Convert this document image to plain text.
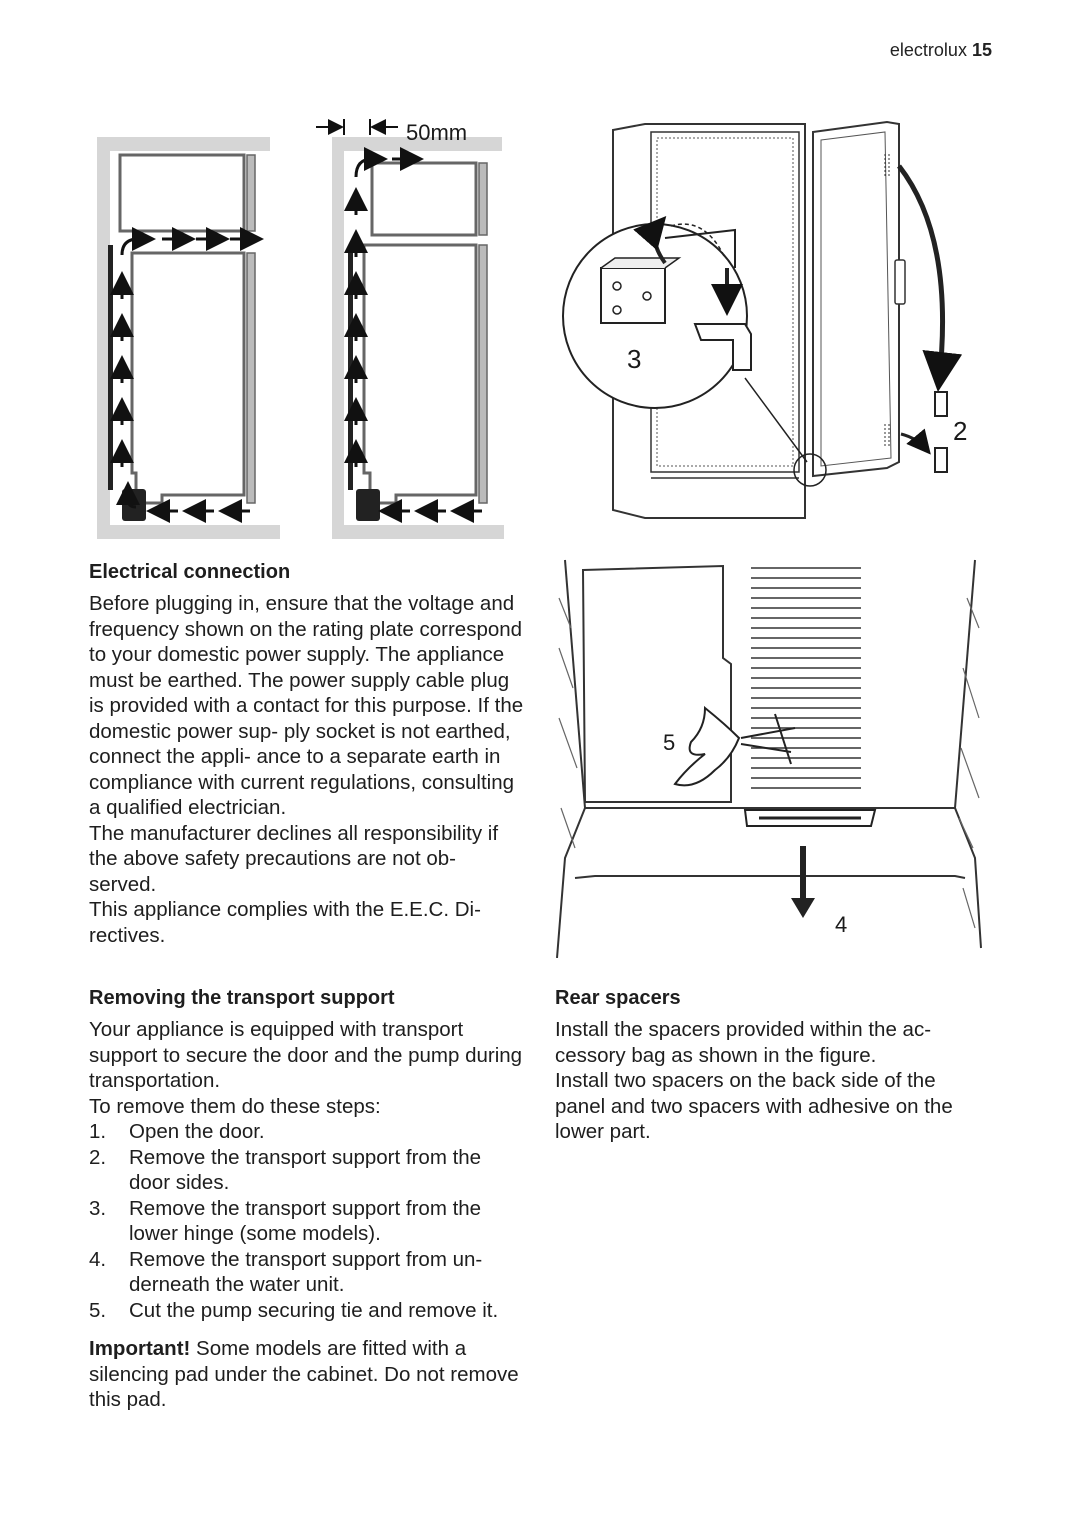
electrolux 15
50mm
2
3
5
4
Electrical connection

Before plugging in, ensure that the voltage and frequency shown on the rating plate correspond to your domestic power supply. The appliance must be earthed. The power supply cable plug is provided with a contact for this purpose. If the domestic power sup- ply socket is not earthed, connect the appli- ance to a separate earth in compliance with current regulations, consulting a qualified electrician.

The manufacturer declines all responsibility if the above safety precautions are not ob- served.

This appliance complies with the E.E.C. Di- rectives.

Removing the transport support

Your appliance is equipped with transport support to secure the door and the pump during transportation.

To remove them do these steps:

1. Open the door.
2. Remove the transport support from the door sides.
3. Remove the transport support from the lower hinge (some models).
4. Remove the transport support from un- derneath the water unit.
5. Cut the pump securing tie and remove it.

Important! Some models are fitted with a silencing pad under the cabinet. Do not remove this pad.

Rear spacers

Install the spacers provided within the ac- cessory bag as shown in the figure.

Install two spacers on the back side of the panel and two spacers with adhesive on the lower part.
